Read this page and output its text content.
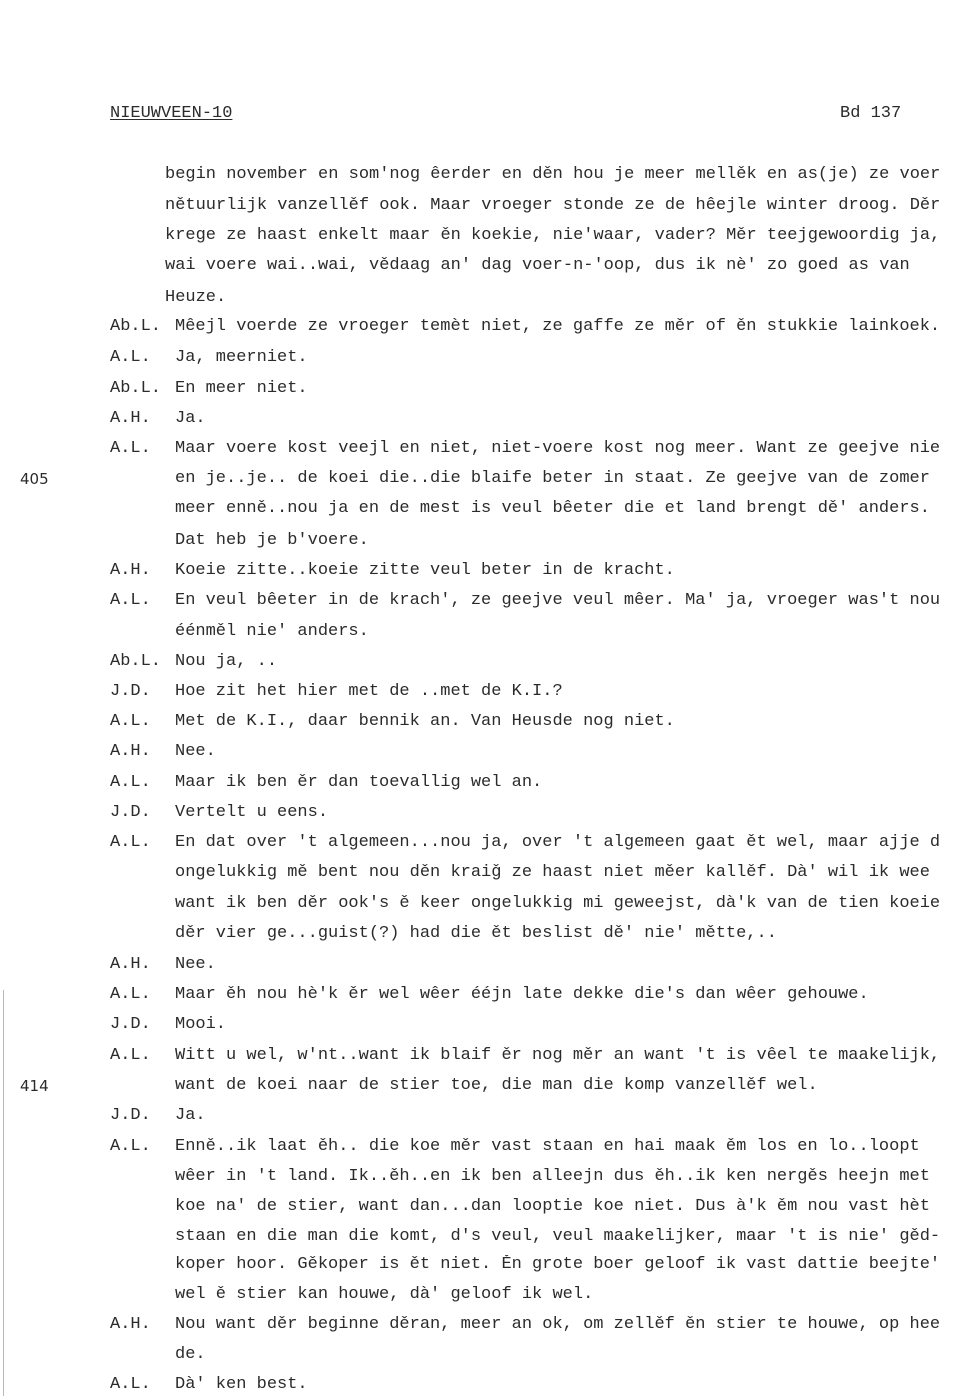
NIEUWVEEN-10	Bd 137
begin november en som'nog êerder en děn hou je meer mellěk en as(je) ze voer
nětuurlijk vanzellěf ook. Maar vroeger stonde ze de hêejle winter droog. Děr
krege ze haast enkelt maar ěn koekie, nie'waar, vader? Měr teejgewoordig ja,
wai voere wai..wai, vědaag an' dag voer-n-'oop, dus ik nè' zo goed as van
Heuze.
Ab.L. Mêejl voerde ze vroeger temèt niet, ze gaffe ze měr of ěn stukkie lainkoek.
A.L.	Ja, meerniet.
Ab.L. En meer niet.
A.H.	Ja.
A.L.	Maar voere kost veejl en niet, niet-voere kost nog meer. Want ze geejve nie
405	en je..je.. de koei die..die blaife beter in staat. Ze geejve van de zomer
meer enně..nou ja en de mest is veul bêeter die et land brengt dě' anders.
Dat heb je b'voere.
A.H.	Koeie zitte..koeie zitte veul beter in de kracht.
A.L.	En veul bêeter in de krach', ze geejve veul mêer. Ma' ja, vroeger was't nou
éénměl nie' anders.
Ab.L. Nou ja, ..
J.D.	Hoe zit het hier met de ..met de K.I.?
A.L.	Met de K.I., daar bennik an. Van Heusde nog niet.
A.H.	Nee.
A.L.	Maar ik ben ěr dan toevallig wel an.
J.D.	Vertelt u eens.
A.L.	En dat over 't algemeen...nou ja, over 't algemeen gaat ět wel, maar ajje d
ongelukkig mě bent nou děn kraiǧ ze haast niet měer kallěf. Dà' wil ik wee
want ik ben děr ook's ě keer ongelukkig mi geweejst, dà'k van de tien koeie
děr vier ge...guist(?) had die ět beslist dě' nie' mětte,..
A.H.	Nee.
A.L.	Maar ěh nou hè'k ěr wel wêer ééjn late dekke die's dan wêer gehouwe.
J.D.	Mooi.
A.L.	Witt u wel, w'nt..want ik blaif ěr nog měr an want 't is vêel te maakelijk,
414	want de koei naar de stier toe, die man die komp vanzellěf wel.
J.D.	Ja.
A.L.	Enně..ik laat ěh.. die koe měr vast staan en hai maak ěm los en lo..loopt
wêer in 't land. Ik..ěh..en ik ben alleejn dus ěh..ik ken nergěs heejn met
koe na' de stier, want dan...dan looptie koe niet. Dus à'k ěm nou vast hèt
staan en die man die komt, d's veul, veul maakelijker, maar 't is nie' gěd-
koper hoor. Gěkoper is ět niet. Ěn grote boer geloof ik vast dattie beejte'
wel ě stier kan houwe, dà' geloof ik wel.
A.H.	Nou want děr beginne děran, meer an ok, om zellěf ěn stier te houwe, op hee
de.
A.L.	Dà' ken best.
